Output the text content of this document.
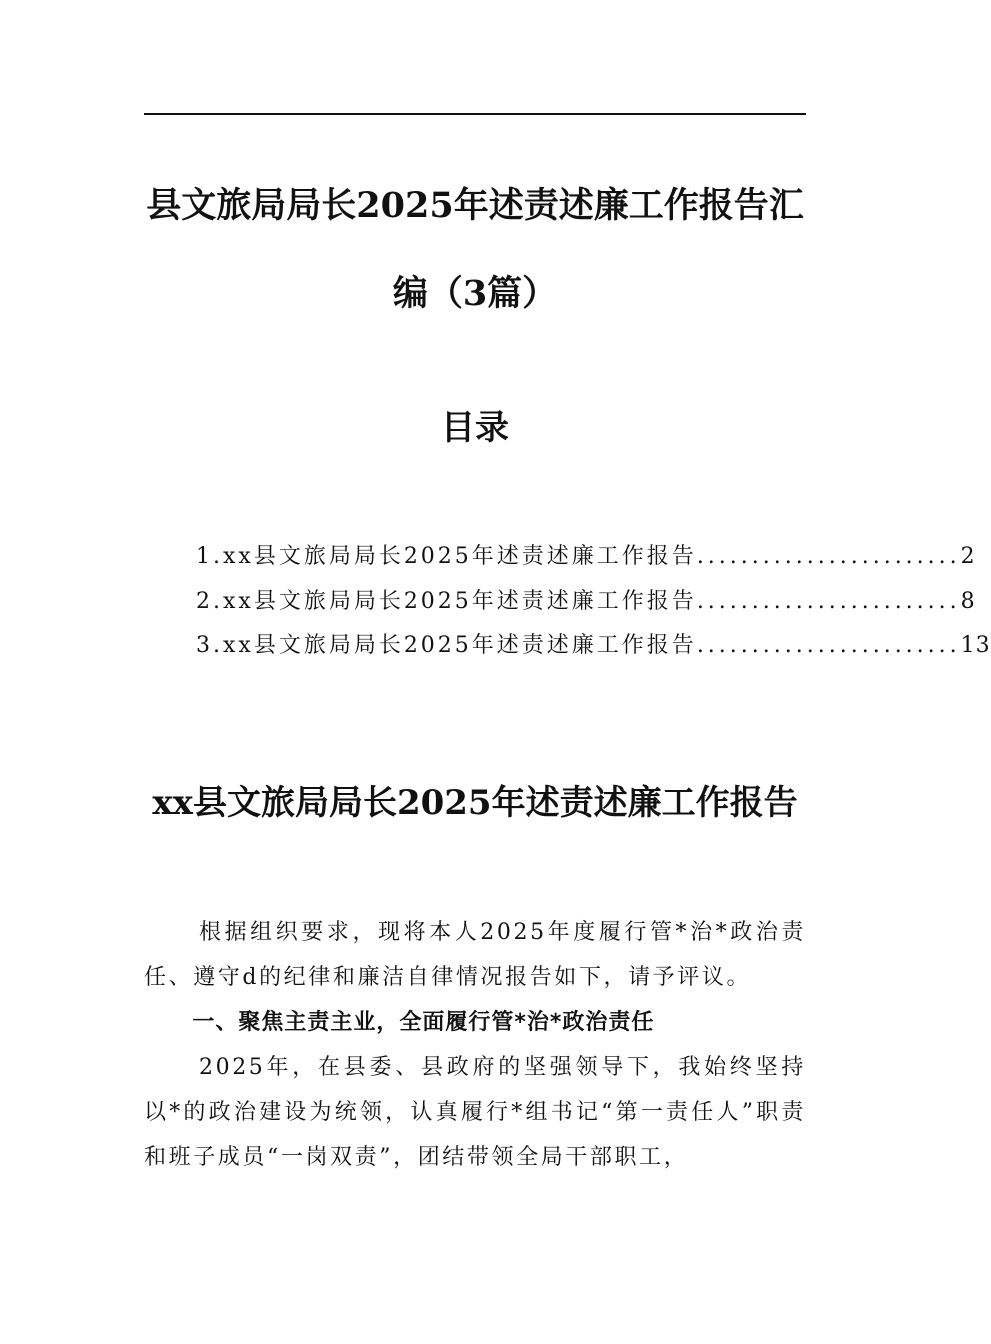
县文旅局局长2025年述责述廉工作报告汇
编（3篇）
目录
1. xx县文旅局局长2025年述责述廉工作报告 ........................ 2
2. xx县文旅局局长2025年述责述廉工作报告 ........................ 8
3. xx县文旅局局长2025年述责述廉工作报告 ........................ 13
xx县文旅局局长2025年述责述廉工作报告

根据组织要求，现将本人2025年度履行管*治*政治责任、遵守d的纪律和廉洁自律情况报告如下，请予评议。

一、聚焦主责主业，全面履行管*治*政治责任

2025年，在县委、县政府的坚强领导下，我始终坚持以*的政治建设为统领，认真履行*组书记“第一责任人”职责和班子成员“一岗双责”，团结带领全局干部职工，
